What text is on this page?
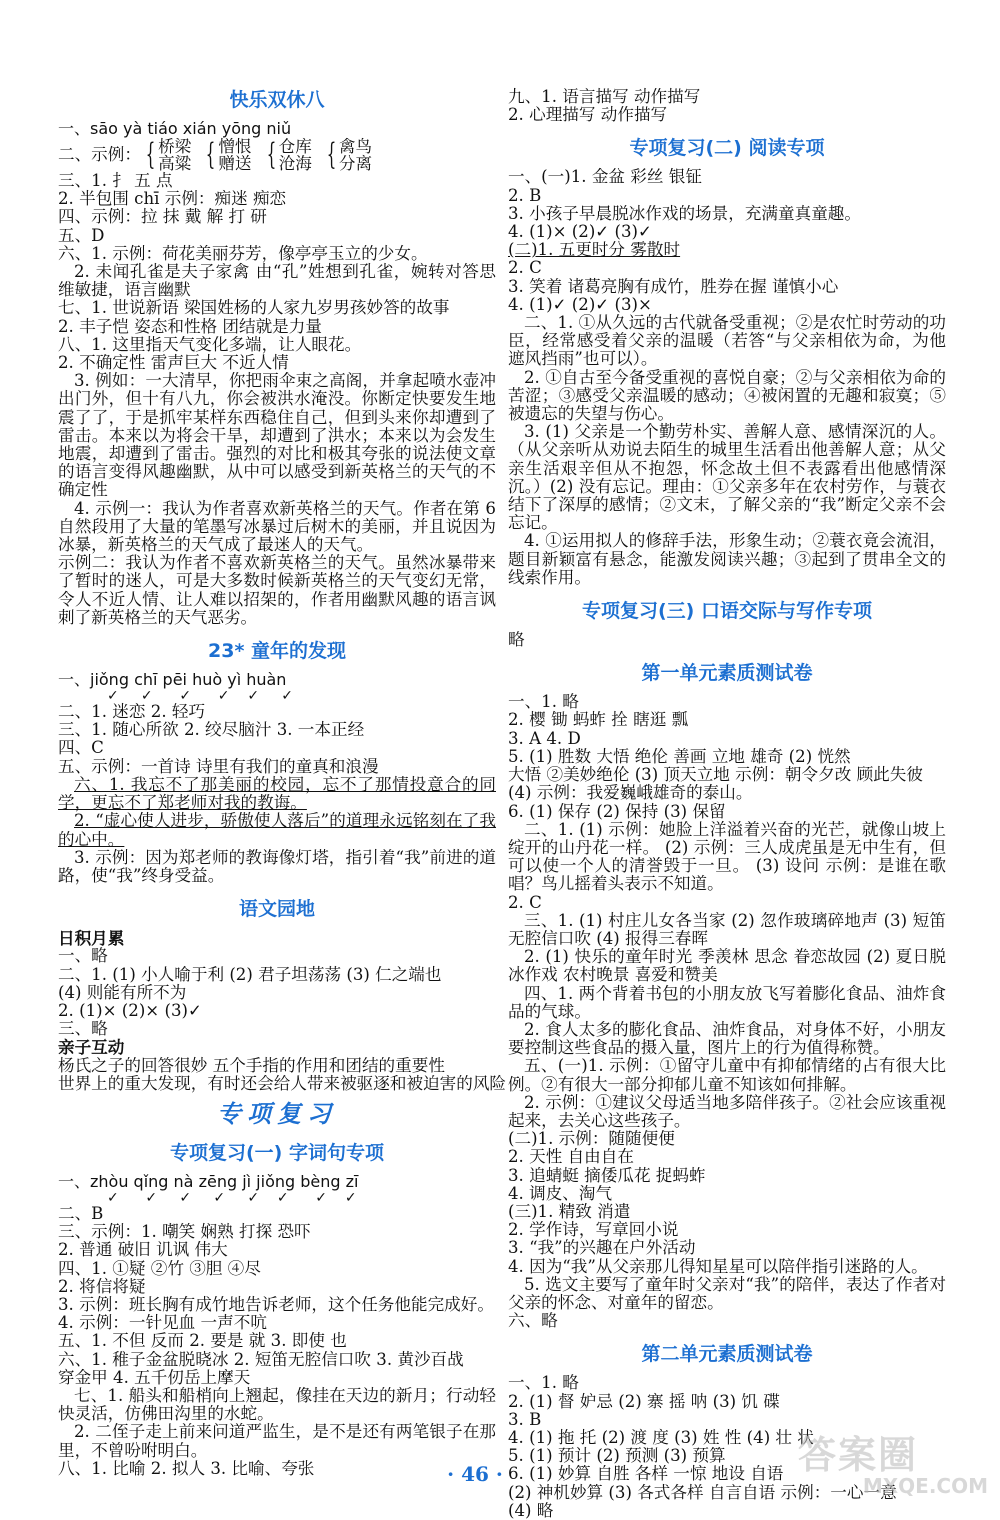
快乐双休八

一、sāo yà tiáo xián yōng niǔ

二、示例： { 桥梁
高粱 { 憎恨
赠送 { 仓库
沧海 { 禽鸟
分离

三、1. 扌 五 点

2. 半包围 chī 示例：痴迷 痴恋

四、示例：拉 抹 戴 解 打 研

五、D

六、1. 示例：荷花美丽芬芳，像亭亭玉立的少女。

2. 未闻孔雀是夫子家禽 由“孔”姓想到孔雀，婉转对答思维敏捷，语言幽默

七、1. 世说新语 梁国姓杨的人家九岁男孩妙答的故事

2. 丰子恺 姿态和性格 团结就是力量

八、1. 这里指天气变化多端，让人眼花。

2. 不确定性 雷声巨大 不近人情

3. 例如：一大清早，你把雨伞束之高阁，并拿起喷水壶冲出门外，但十有八九，你会被洪水淹没。你断定快要发生地震了了，于是抓牢某样东西稳住自己，但到头来你却遭到了雷击。本来以为将会干旱，却遭到了洪水；本来以为会发生地震，却遭到了雷击。强烈的对比和极其夸张的说法使文章的语言变得风趣幽默，从中可以感受到新英格兰的天气的不确定性

4. 示例一：我认为作者喜欢新英格兰的天气。作者在第 6 自然段用了大量的笔墨写冰暴过后树木的美丽，并且说因为冰暴，新英格兰的天气成了最迷人的天气。

示例二：我认为作者不喜欢新英格兰的天气。虽然冰暴带来了暂时的迷人，可是大多数时候新英格兰的天气变幻无常，令人不近人情、让人难以招架的，作者用幽默风趣的语言讽刺了新英格兰的天气恶劣。

23* 童年的发现

一、jiǒng chī pēi huò yì huàn

✓     ✓      ✓      ✓    ✓     ✓

二、1. 迷恋 2. 轻巧

三、1. 随心所欲 2. 绞尽脑汁 3. 一本正经

四、C

五、示例：一首诗 诗里有我们的童真和浪漫

六、1. 我忘不了那美丽的校园，忘不了那情投意合的同学，更忘不了郑老师对我的教诲。

2. “虚心使人进步，骄傲使人落后”的道理永远铭刻在了我的心中。

3. 示例：因为郑老师的教诲像灯塔，指引着“我”前进的道路，使“我”终身受益。

语文园地

日积月累

一、略

二、1. (1) 小人喻于利 (2) 君子坦荡荡 (3) 仁之端也

(4) 则能有所不为

2. (1)× (2)× (3)✓

三、略

亲子互动

杨氏之子的回答很妙 五个手指的作用和团结的重要性

世界上的重大发现，有时还会给人带来被驱逐和被迫害的风险

专项复习

专项复习(一) 字词句专项

一、zhòu qǐng nà zēng jì jiǒng bèng zī

✓      ✓     ✓     ✓     ✓    ✓      ✓    ✓

二、B

三、示例：1. 嘲笑 娴熟 打探 恐吓

2. 普通 破旧 讥讽 伟大

四、1. ①疑 ②竹 ③胆 ④尽

2. 将信将疑

3. 示例：班长胸有成竹地告诉老师，这个任务他能完成好。

4. 示例：一针见血 一声不吭

五、1. 不但 反而 2. 要是 就 3. 即使 也

六、1. 稚子金盆脱晓冰 2. 短笛无腔信口吹 3. 黄沙百战

穿金甲 4. 五千仞岳上摩天

七、1. 船头和船梢向上翘起，像挂在天边的新月；行动轻快灵活，仿佛田沟里的水蛇。

2. 二侄子走上前来问道严监生，是不是还有两笔银子在那里，不曾吩咐明白。

八、1. 比喻 2. 拟人 3. 比喻、夸张

九、1. 语言描写 动作描写

2. 心理描写 动作描写

专项复习(二) 阅读专项

一、(一)1. 金盆 彩丝 银钲

2. B

3. 小孩子早晨脱冰作戏的场景，充满童真童趣。

4. (1)× (2)✓ (3)✓

(二)1. 五更时分 雾散时

2. C

3. 笑着 诸葛亮胸有成竹，胜券在握 谨慎小心

4. (1)✓ (2)✓ (3)×

二、1. ①从久远的古代就备受重视；②是农忙时劳动的功臣，经常感受着父亲的温暖（若答“与父亲相依为命，为他遮风挡雨”也可以）。

2. ①自古至今备受重视的喜悦自豪；②与父亲相依为命的苦涩；③感受父亲温暖的感动；④被闲置的无趣和寂寞；⑤被遗忘的失望与伤心。

3. (1) 父亲是一个勤劳朴实、善解人意、感情深沉的人。（从父亲听从劝说去陌生的城里生活看出他善解人意；从父亲生活艰辛但从不抱怨，怀念故土但不表露看出他感情深沉。）(2) 没有忘记。理由：①父亲多年在农村劳作，与蓑衣结下了深厚的感情；②文末，了解父亲的“我”断定父亲不会忘记。

4. ①运用拟人的修辞手法，形象生动；②蓑衣竟会流泪，题目新颖富有悬念，能激发阅读兴趣；③起到了贯串全文的线索作用。

专项复习(三) 口语交际与写作专项

略

第一单元素质测试卷

一、1. 略

2. 樱 锄 蚂蚱 拴 瞎逛 瓢

3. A 4. D

5. (1) 胜数 大悟 绝伦 善画 立地 雄奇 (2) 恍然

大悟 ②美妙绝伦 (3) 顶天立地 示例：朝令夕改 顾此失彼

(4) 示例：我爱巍峨雄奇的泰山。

6. (1) 保存 (2) 保持 (3) 保留

二、1. (1) 示例：她脸上洋溢着兴奋的光芒，就像山坡上绽开的山丹花一样。 (2) 示例：三人成虎虽是无中生有，但可以使一个人的清誉毁于一旦。 (3) 设问 示例：是谁在歌唱？鸟儿摇着头表示不知道。

2. C

三、1. (1) 村庄儿女各当家 (2) 忽作玻璃碎地声 (3) 短笛无腔信口吹 (4) 报得三春晖

2. (1) 快乐的童年时光 季羡林 思念 眷恋故园 (2) 夏日脱冰作戏 农村晚景 喜爱和赞美

四、1. 两个背着书包的小朋友放飞写着膨化食品、油炸食品的气球。

2. 食人太多的膨化食品、油炸食品，对身体不好，小朋友要控制这些食品的摄入量，图片上的行为值得称赞。

五、(一)1. 示例：①留守儿童中有抑郁情绪的占有很大比例。②有很大一部分抑郁儿童不知该如何排解。

2. 示例：①建议父母适当地多陪伴孩子。②社会应该重视起来，去关心这些孩子。

(二)1. 示例：随随便便

2. 天性 自由自在

3. 追蜻蜓 摘倭瓜花 捉蚂蚱

4. 调皮、淘气

(三)1. 精致 消遣

2. 学作诗，写章回小说

3. “我”的兴趣在户外活动

4. 因为“我”从父亲那儿得知星星可以陪伴指引迷路的人。

5. 选文主要写了童年时父亲对“我”的陪伴，表达了作者对父亲的怀念、对童年的留恋。

六、略

第二单元素质测试卷

一、1. 略

2. (1) 督 妒忌 (2) 寨 摇 呐 (3) 饥 碟

3. B

4. (1) 拖 托 (2) 渡 度 (3) 姓 性 (4) 壮 状

5. (1) 预计 (2) 预测 (3) 预算

6. (1) 妙算 自胜 各样 一惊 地设 自语

(2) 神机妙算 (3) 各式各样 自言自语 示例：一心一意

(4) 略

· 46 ·	答案圈
MXQE.COM
